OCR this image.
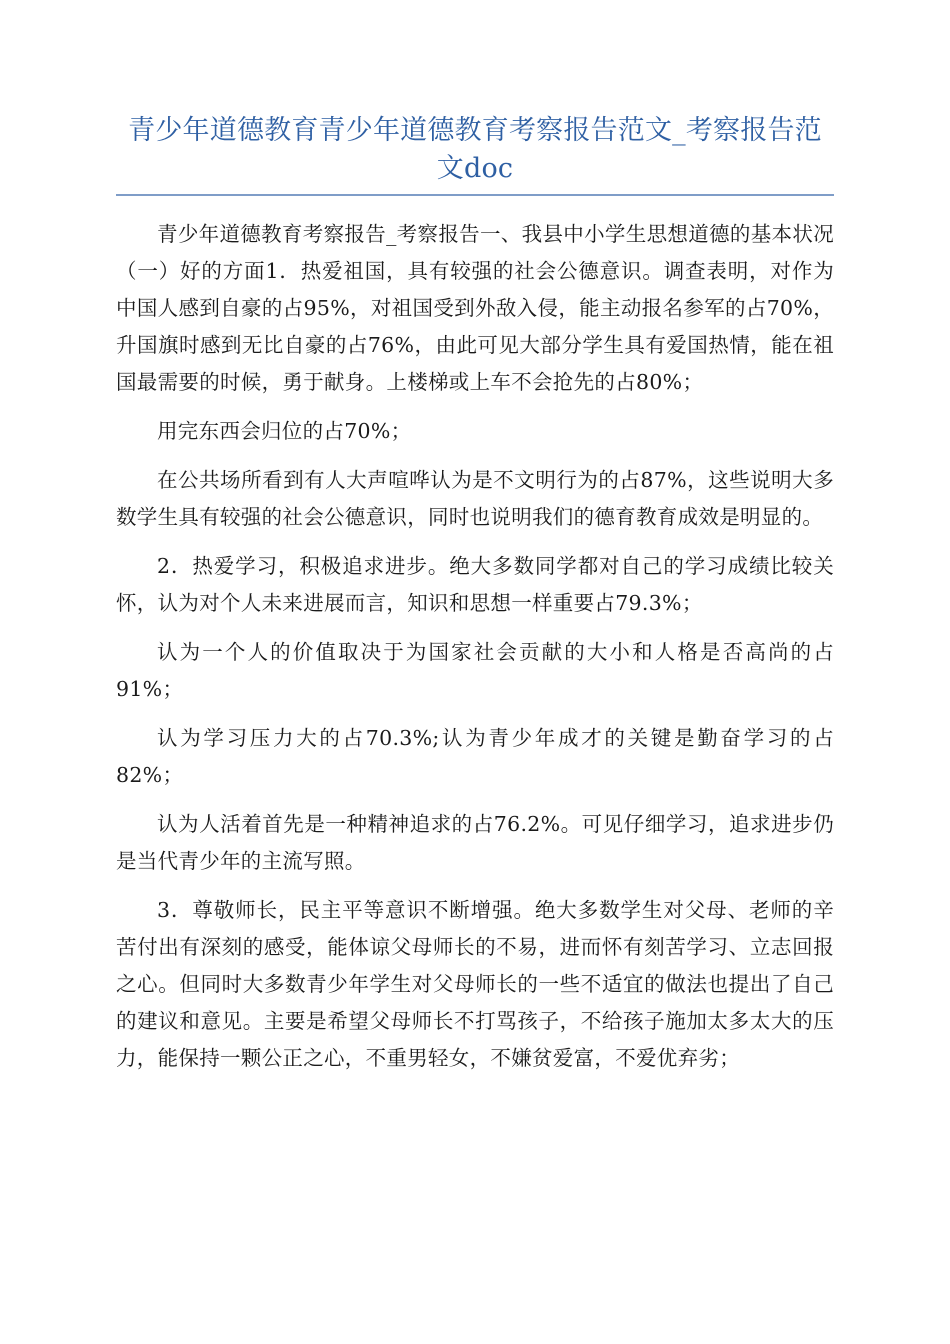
青少年道德教育青少年道德教育考察报告范文_考察报告范文doc

青少年道德教育考察报告_考察报告一、我县中小学生思想道德的基本状况（一）好的方面1．热爱祖国，具有较强的社会公德意识。调查表明，对作为中国人感到自豪的占95%，对祖国受到外敌入侵，能主动报名参军的占70%，升国旗时感到无比自豪的占76%，由此可见大部分学生具有爱国热情，能在祖国最需要的时候，勇于献身。上楼梯或上车不会抢先的占80%；

用完东西会归位的占70%；

在公共场所看到有人大声喧哗认为是不文明行为的占87%，这些说明大多数学生具有较强的社会公德意识，同时也说明我们的德育教育成效是明显的。

2．热爱学习，积极追求进步。绝大多数同学都对自己的学习成绩比较关怀，认为对个人未来进展而言，知识和思想一样重要占79.3%；

认为一个人的价值取决于为国家社会贡献的大小和人格是否高尚的占91%；

认为学习压力大的占70.3%;认为青少年成才的关键是勤奋学习的占82%；

认为人活着首先是一种精神追求的占76.2%。可见仔细学习，追求进步仍是当代青少年的主流写照。

3．尊敬师长，民主平等意识不断增强。绝大多数学生对父母、老师的辛苦付出有深刻的感受，能体谅父母师长的不易，进而怀有刻苦学习、立志回报之心。但同时大多数青少年学生对父母师长的一些不适宜的做法也提出了自己的建议和意见。主要是希望父母师长不打骂孩子，不给孩子施加太多太大的压力，能保持一颗公正之心，不重男轻女，不嫌贫爱富，不爱优弃劣；
